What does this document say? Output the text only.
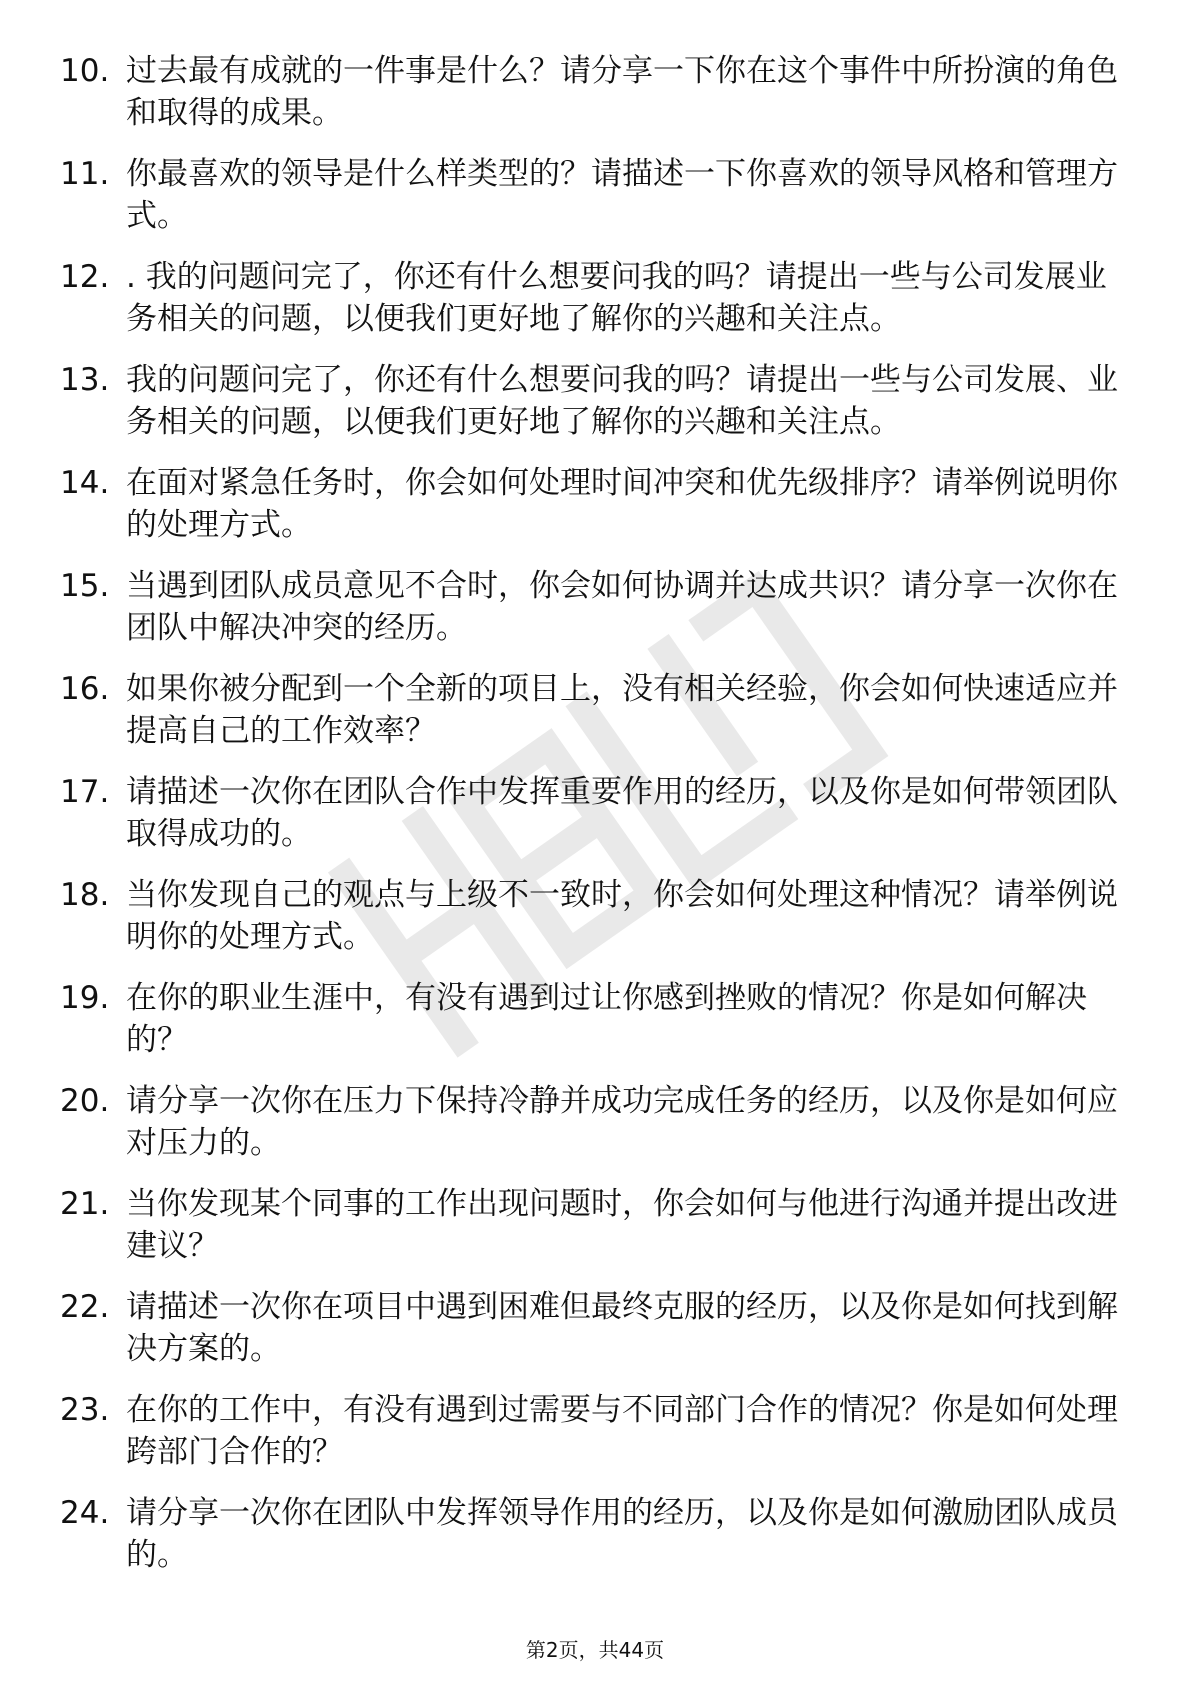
10. 过去最有成就的一件事是什么？请分享一下你在这个事件中所扮演的角色和取得的成果。
11. 你最喜欢的领导是什么样类型的？请描述一下你喜欢的领导风格和管理方式。
12. . 我的问题问完了，你还有什么想要问我的吗？请提出一些与公司发展业务相关的问题，以便我们更好地了解你的兴趣和关注点。
13. 我的问题问完了，你还有什么想要问我的吗？请提出一些与公司发展、业务相关的问题，以便我们更好地了解你的兴趣和关注点。
14. 在面对紧急任务时，你会如何处理时间冲突和优先级排序？请举例说明你的处理方式。
15. 当遇到团队成员意见不合时，你会如何协调并达成共识？请分享一次你在团队中解决冲突的经历。
16. 如果你被分配到一个全新的项目上，没有相关经验，你会如何快速适应并提高自己的工作效率？
17. 请描述一次你在团队合作中发挥重要作用的经历，以及你是如何带领团队取得成功的。
18. 当你发现自己的观点与上级不一致时，你会如何处理这种情况？请举例说明你的处理方式。
19. 在你的职业生涯中，有没有遇到过让你感到挫败的情况？你是如何解决的？
20. 请分享一次你在压力下保持冷静并成功完成任务的经历，以及你是如何应对压力的。
21. 当你发现某个同事的工作出现问题时，你会如何与他进行沟通并提出改进建议？
22. 请描述一次你在项目中遇到困难但最终克服的经历，以及你是如何找到解决方案的。
23. 在你的工作中，有没有遇到过需要与不同部门合作的情况？你是如何处理跨部门合作的？
24. 请分享一次你在团队中发挥领导作用的经历，以及你是如何激励团队成员的。
第2页，共44页
